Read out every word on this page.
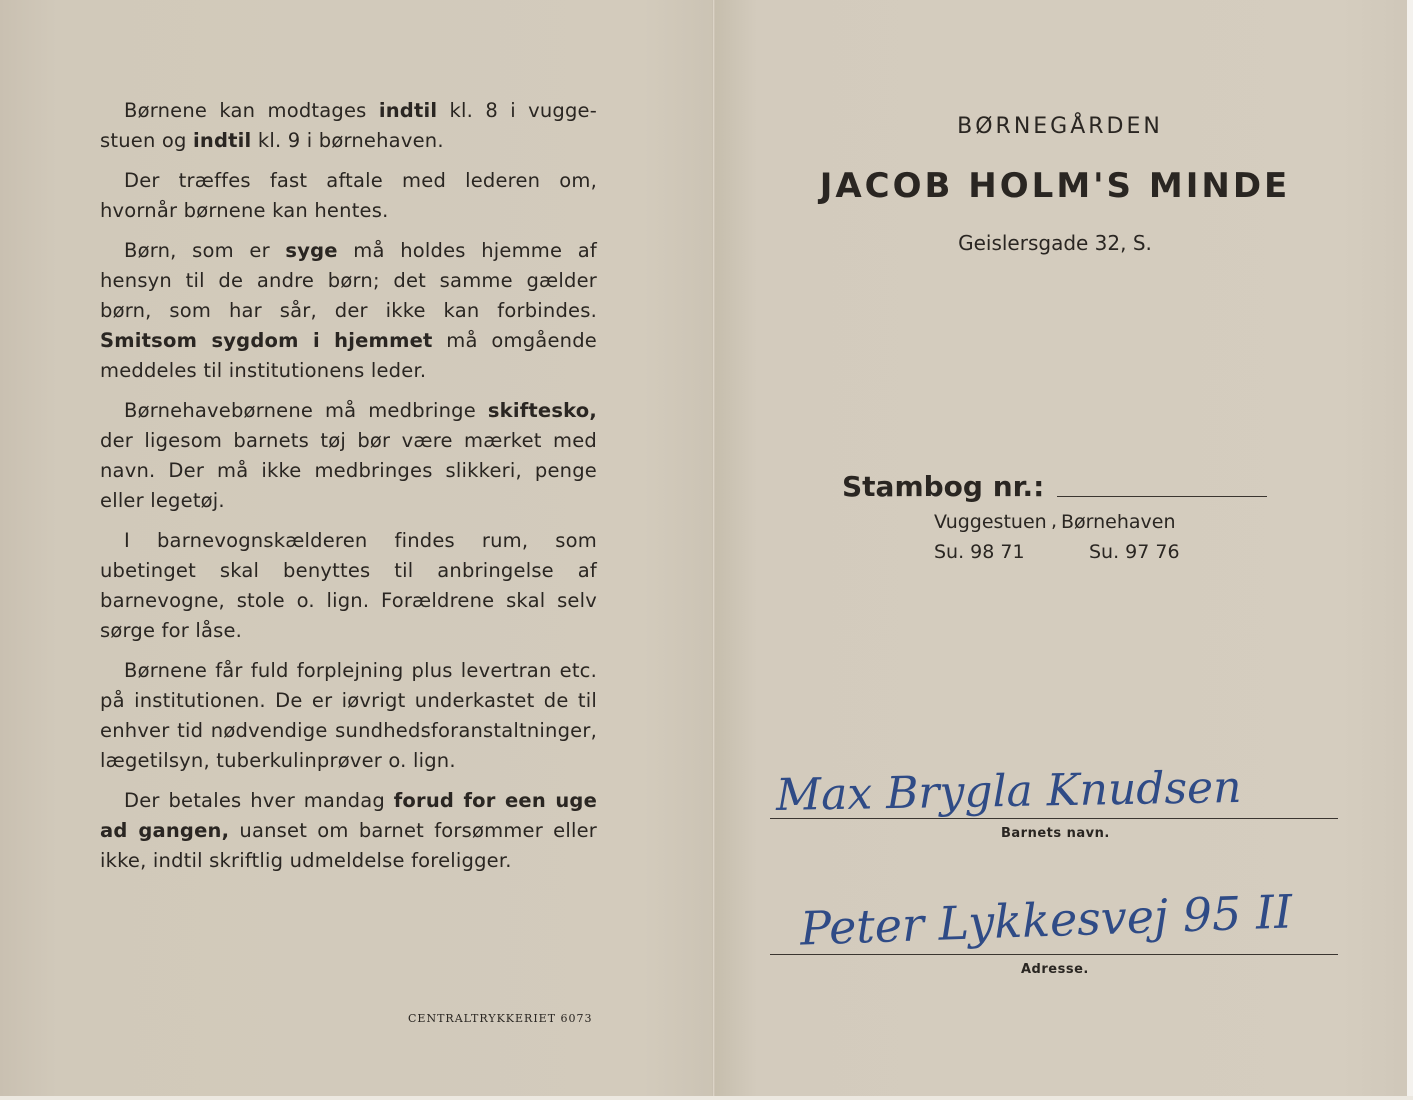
Børnene kan modtages indtil kl. 8 i vugge-stuen og indtil kl. 9 i børnehaven.

Der træffes fast aftale med lederen om, hvornår børnene kan hentes.

Børn, som er syge må holdes hjemme af hensyn til de andre børn; det samme gælder børn, som har sår, der ikke kan forbindes. Smitsom sygdom i hjemmet må omgående meddeles til institutionens leder.

Børnehavebørnene må medbringe skiftesko, der ligesom barnets tøj bør være mærket med navn. Der må ikke medbringes slikkeri, penge eller legetøj.

I barnevognskælderen findes rum, som ubetinget skal benyttes til anbringelse af barnevogne, stole o. lign. Forældrene skal selv sørge for låse.

Børnene får fuld forplejning plus levertran etc. på institutionen. De er iøvrigt underkastet de til enhver tid nødvendige sundhedsforanstaltninger, lægetilsyn, tuberkulinprøver o. lign.

Der betales hver mandag forud for een uge ad gangen, uanset om barnet forsømmer eller ikke, indtil skriftlig udmeldelse foreligger.

CENTRALTRYKKERIET 6073
BØRNEGÅRDEN
JACOB HOLM'S MINDE
Geislersgade 32, S.
Stambog nr.:
Vuggestuen , Børnehaven
Su. 98 71	Su. 97 76
Max Brygla Knudsen
Barnets navn.
Peter Lykkesvej 95 II
Adresse.
